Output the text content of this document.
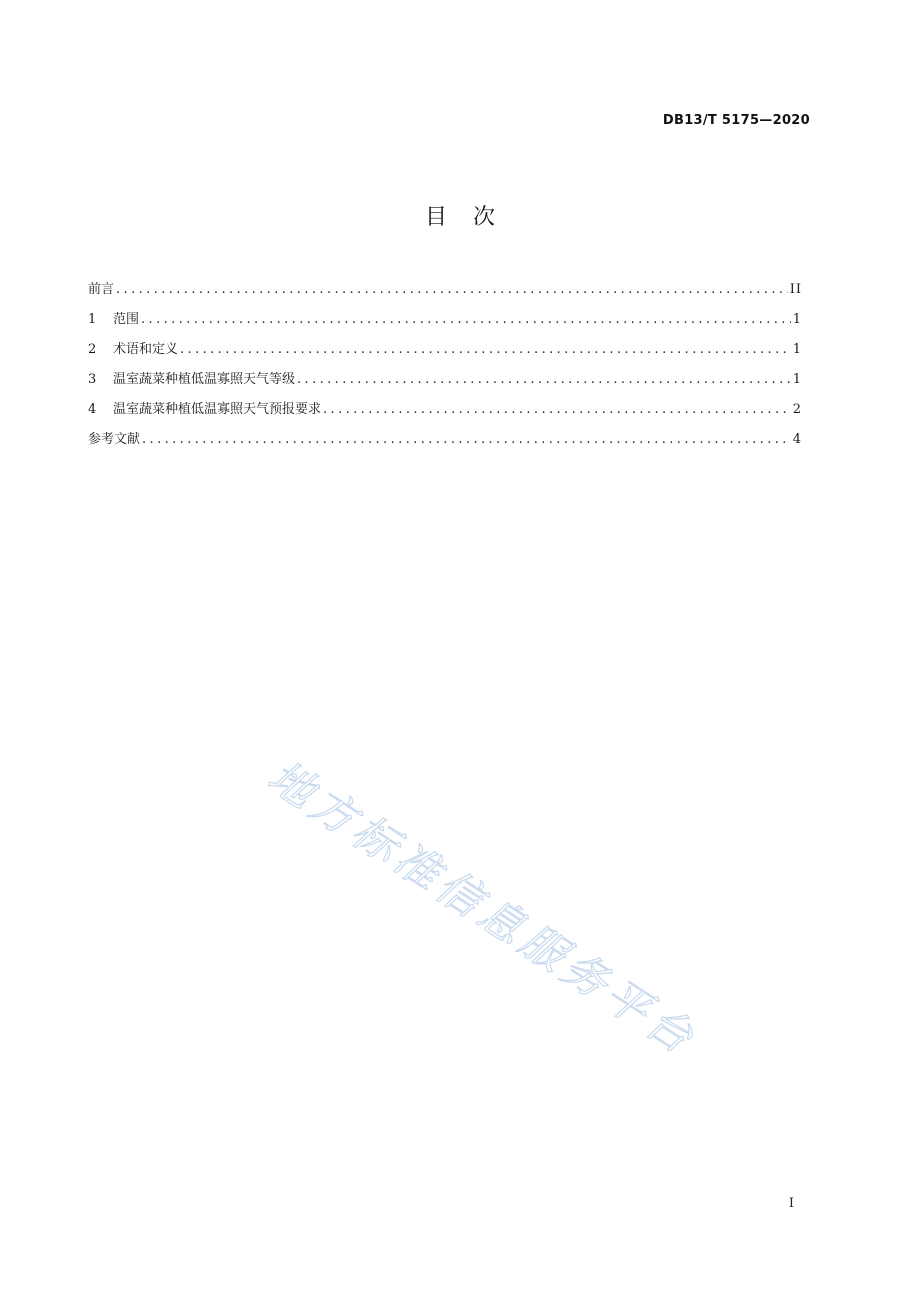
DB13/T 5175—2020
目次
前言 .....	II
1	范围 .....	1
2	术语和定义 .....	1
3	温室蔬菜种植低温寡照天气等级 .....	1
4	温室蔬菜种植低温寡照天气预报要求 .....	2
参考文献 .....	4
地方标准信息服务平台
I
